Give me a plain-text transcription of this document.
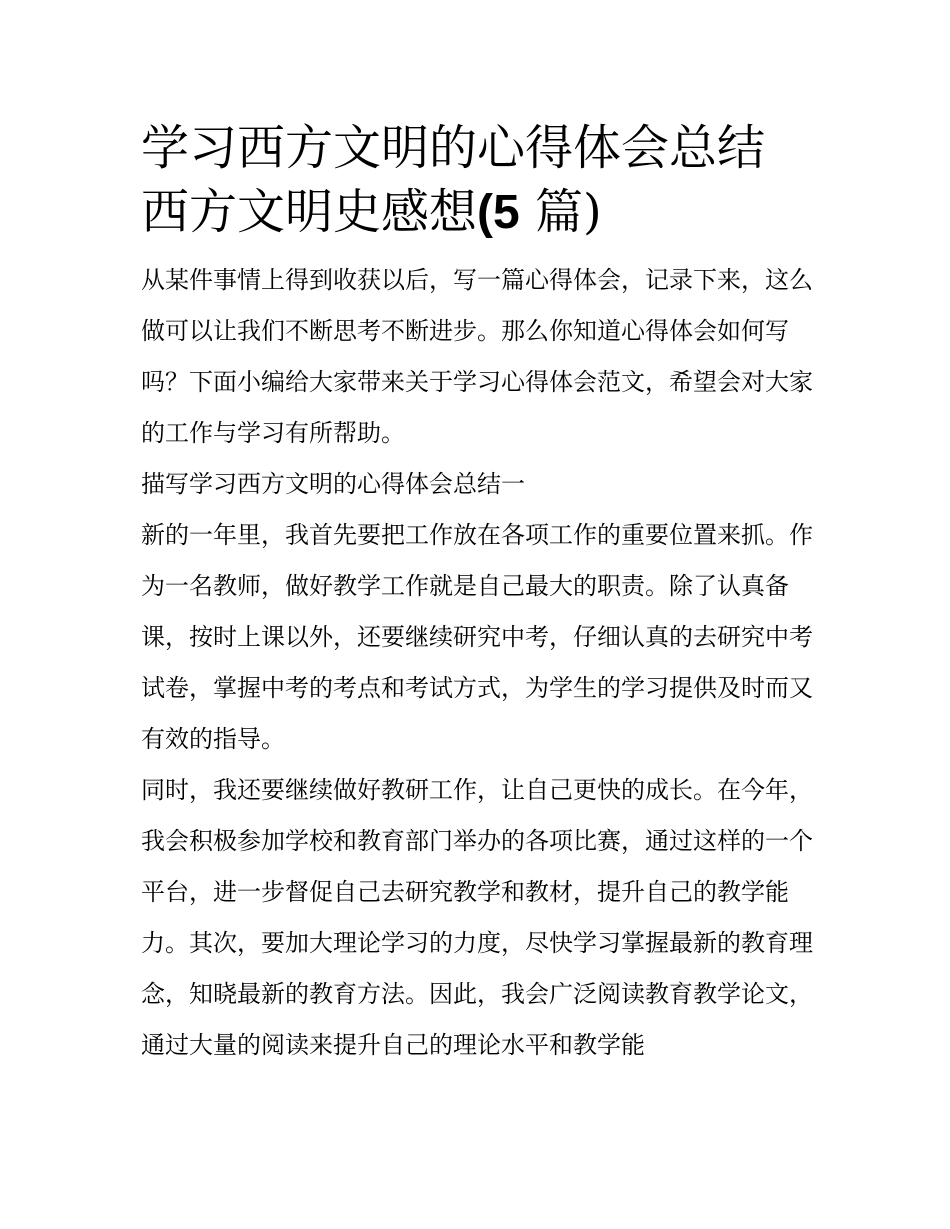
学习西方文明的心得体会总结
西方文明史感想(5 篇)

从某件事情上得到收获以后，写一篇心得体会，记录下来，这么做可以让我们不断思考不断进步。那么你知道心得体会如何写吗？下面小编给大家带来关于学习心得体会范文，希望会对大家的工作与学习有所帮助。

描写学习西方文明的心得体会总结一

新的一年里，我首先要把工作放在各项工作的重要位置来抓。作为一名教师，做好教学工作就是自己最大的职责。除了认真备课，按时上课以外，还要继续研究中考，仔细认真的去研究中考试卷，掌握中考的考点和考试方式，为学生的学习提供及时而又有效的指导。

同时，我还要继续做好教研工作，让自己更快的成长。在今年，我会积极参加学校和教育部门举办的各项比赛，通过这样的一个平台，进一步督促自己去研究教学和教材，提升自己的教学能力。其次，要加大理论学习的力度，尽快学习掌握最新的教育理念，知晓最新的教育方法。因此，我会广泛阅读教育教学论文，通过大量的阅读来提升自己的理论水平和教学能
